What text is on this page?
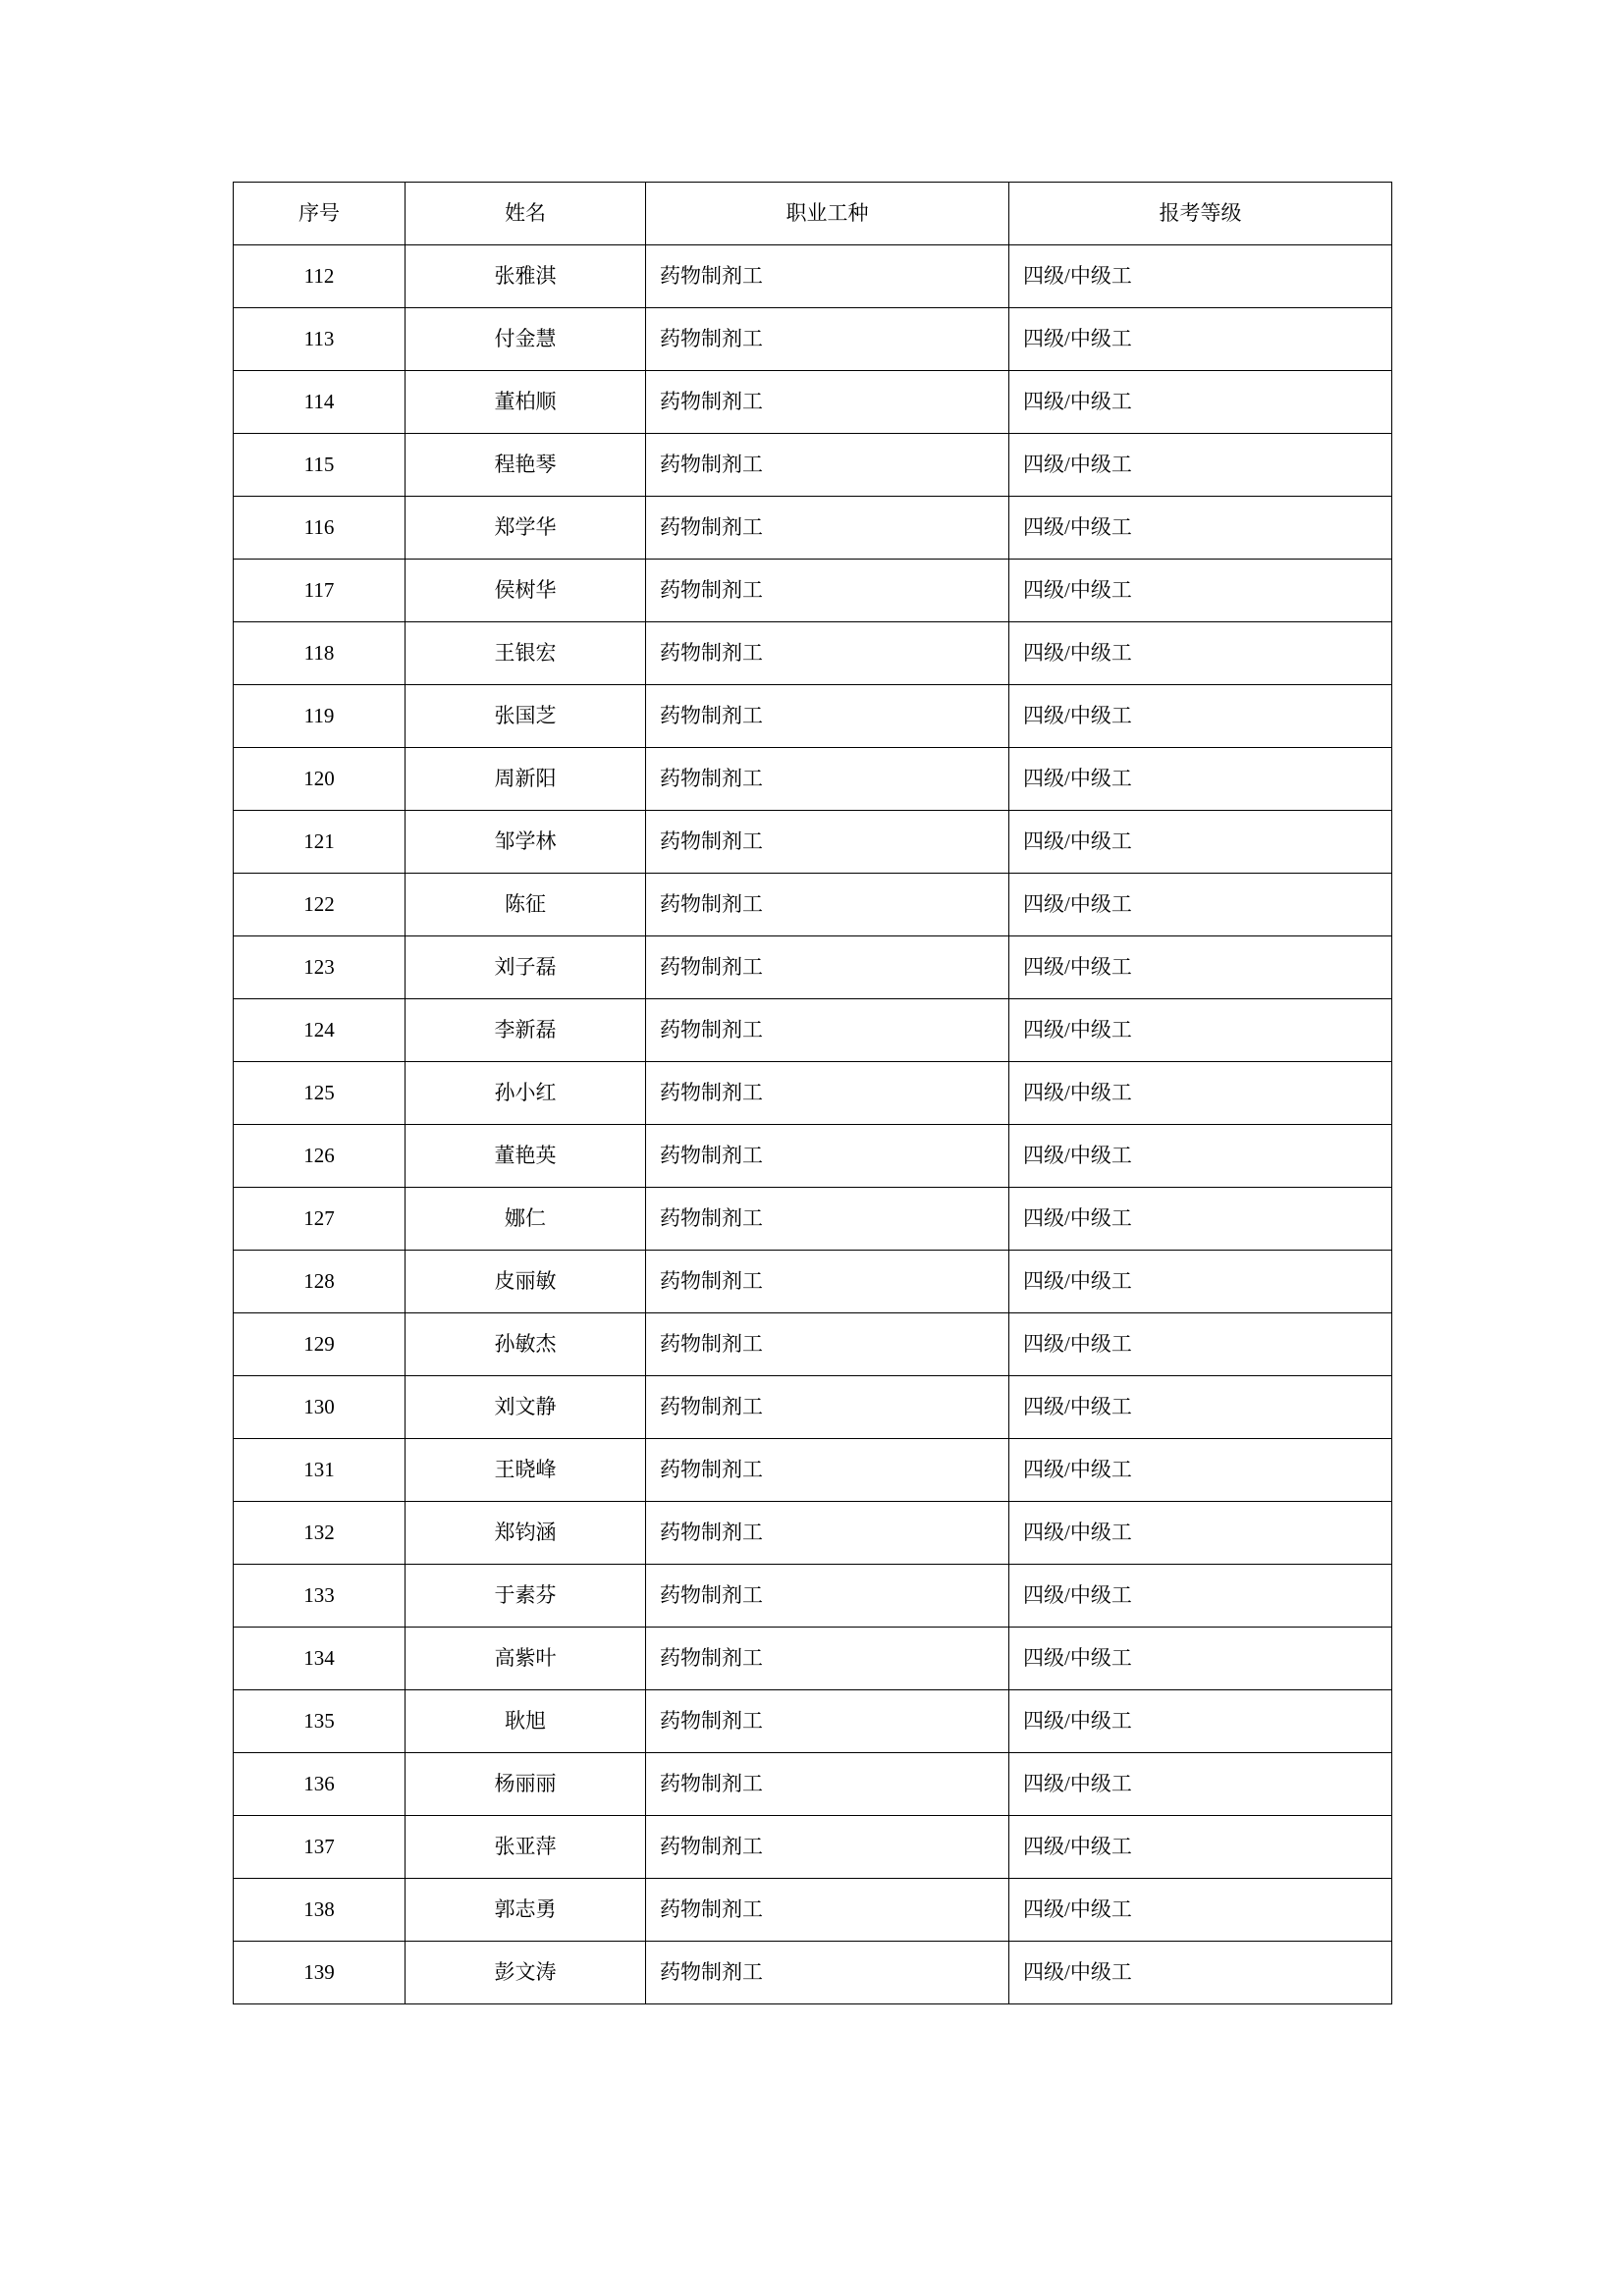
序号	姓名	职业工种	报考等级
112	张雅淇	药物制剂工	四级/中级工
113	付金慧	药物制剂工	四级/中级工
114	董柏顺	药物制剂工	四级/中级工
115	程艳琴	药物制剂工	四级/中级工
116	郑学华	药物制剂工	四级/中级工
117	侯树华	药物制剂工	四级/中级工
118	王银宏	药物制剂工	四级/中级工
119	张国芝	药物制剂工	四级/中级工
120	周新阳	药物制剂工	四级/中级工
121	邹学林	药物制剂工	四级/中级工
122	陈征	药物制剂工	四级/中级工
123	刘子磊	药物制剂工	四级/中级工
124	李新磊	药物制剂工	四级/中级工
125	孙小红	药物制剂工	四级/中级工
126	董艳英	药物制剂工	四级/中级工
127	娜仁	药物制剂工	四级/中级工
128	皮丽敏	药物制剂工	四级/中级工
129	孙敏杰	药物制剂工	四级/中级工
130	刘文静	药物制剂工	四级/中级工
131	王晓峰	药物制剂工	四级/中级工
132	郑钧涵	药物制剂工	四级/中级工
133	于素芬	药物制剂工	四级/中级工
134	高紫叶	药物制剂工	四级/中级工
135	耿旭	药物制剂工	四级/中级工
136	杨丽丽	药物制剂工	四级/中级工
137	张亚萍	药物制剂工	四级/中级工
138	郭志勇	药物制剂工	四级/中级工
139	彭文涛	药物制剂工	四级/中级工
